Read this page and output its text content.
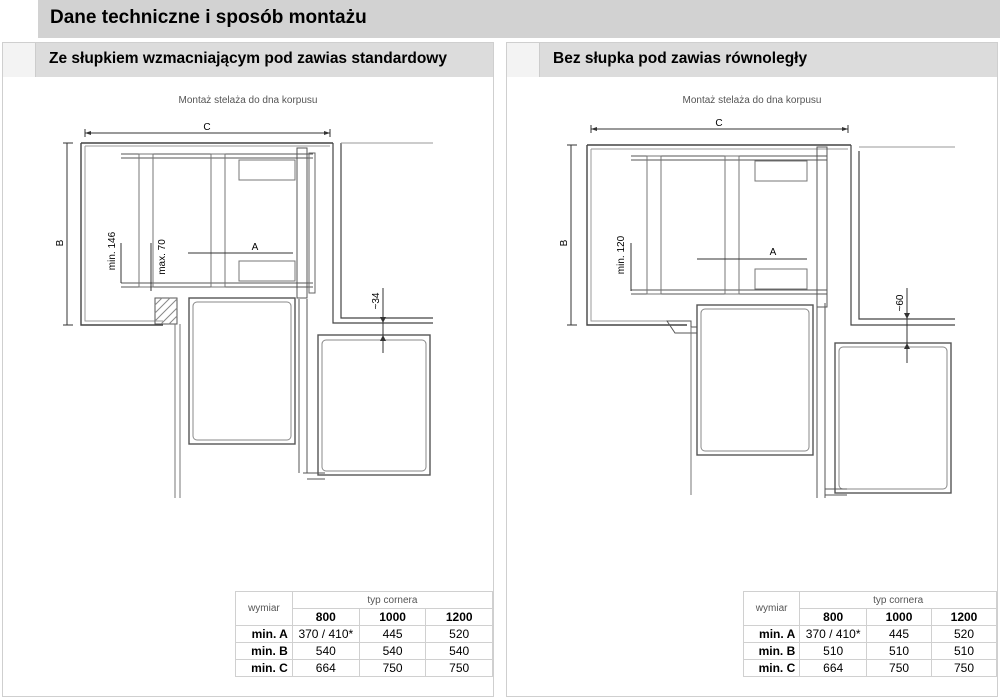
Dane techniczne i sposób montażu
Ze słupkiem wzmacniającym pod zawias standardowy
Montaż stelaża do dna korpusu
C
B	A
min. 146	max. 70
~34
wymiar	typ cornera		
	800	1000	1200
min. A	370 / 410*	445	520
min. B	540	540	540
min. C	664	750	750
Bez słupka pod zawias równoległy
Montaż stelaża do dna korpusu
C
B
A
min. 120
~60
wymiar	typ cornera		
	800	1000	1200
min. A	370 / 410*	445	520
min. B	510	510	510
min. C	664	750	750
